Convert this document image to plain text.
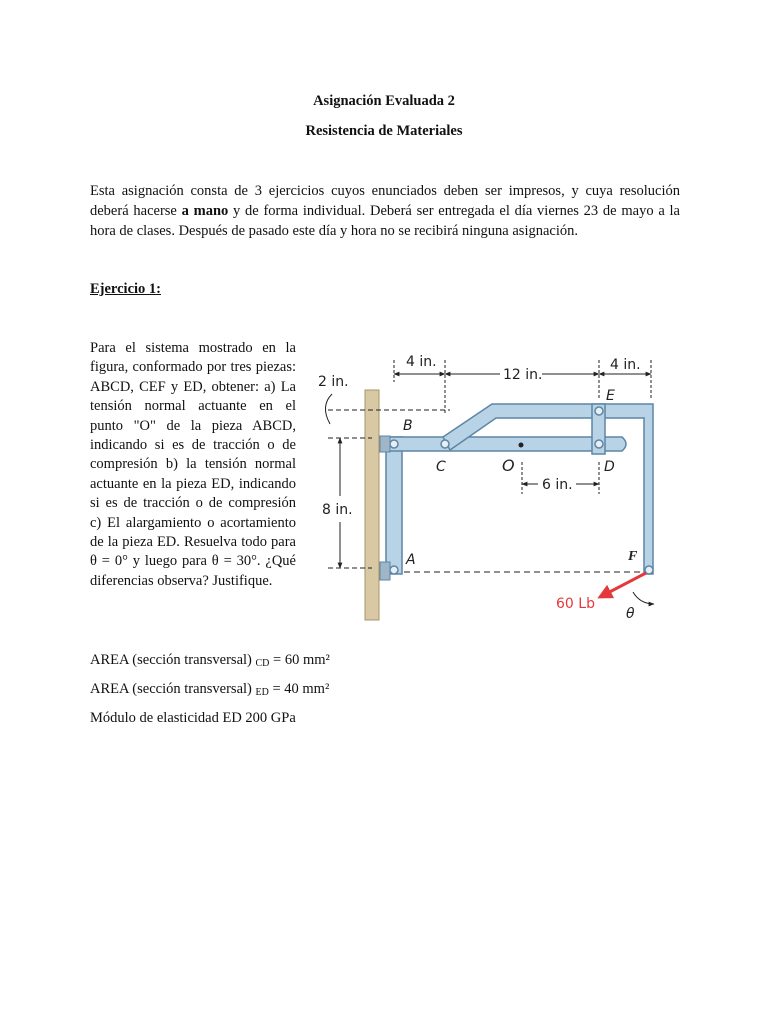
Asignación Evaluada 2
Resistencia de Materiales
Esta asignación consta de 3 ejercicios cuyos enunciados deben ser impresos, y cuya resolución deberá hacerse a mano y de forma individual. Deberá ser entregada el día viernes 23 de mayo a la hora de clases. Después de pasado este día y hora no se recibirá ninguna asignación.
Ejercicio 1:
Para el sistema mostrado en la figura, conformado por tres piezas: ABCD, CEF y ED, obtener: a) La tensión normal actuante en el punto "O" de la pieza ABCD, indicando si es de tracción o de compresión b) la tensión normal actuante en la pieza ED, indicando si es de tracción o de compresión c) El alargamiento o acortamiento de la pieza ED. Resuelva todo para θ = 0° y luego para θ = 30°. ¿Qué diferencias observa? Justifique.
4 in.
12 in.
4 in.
2 in.
8 in.
6 in.
A
B
C	D
E
F
O
θ
60 Lb
AREA (sección transversal) $_{CD}$ = 60 mm²
AREA (sección transversal) $_{ED}$ = 40 mm²
Módulo de elasticidad ED 200 GPa
